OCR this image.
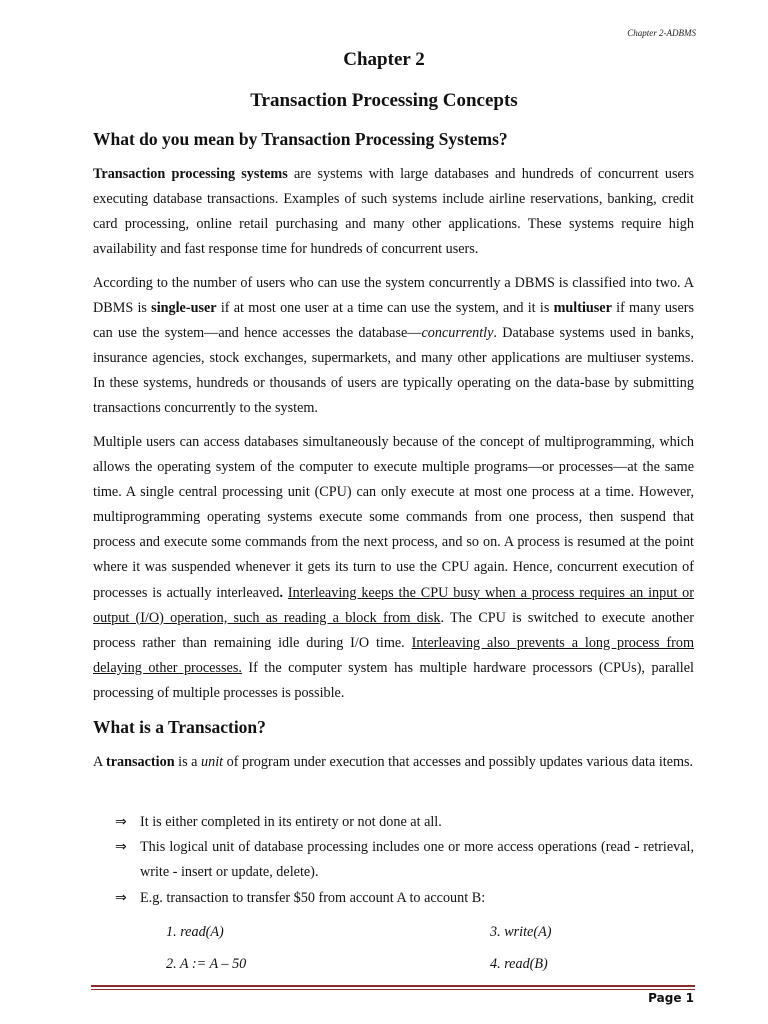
Chapter 2-ADBMS
Chapter 2
Transaction Processing Concepts
What do you mean by Transaction Processing Systems?
Transaction processing systems are systems with large databases and hundreds of concurrent users executing database transactions. Examples of such systems include airline reservations, banking, credit card processing, online retail purchasing and many other applications. These systems require high availability and fast response time for hundreds of concurrent users.
According to the number of users who can use the system concurrently a DBMS is classified into two. A DBMS is single-user if at most one user at a time can use the system, and it is multiuser if many users can use the system—and hence accesses the database—concurrently. Database systems used in banks, insurance agencies, stock exchanges, supermarkets, and many other applications are multiuser systems. In these systems, hundreds or thousands of users are typically operating on the data-base by submitting transactions concurrently to the system.
Multiple users can access databases simultaneously because of the concept of multiprogramming, which allows the operating system of the computer to execute multiple programs—or processes—at the same time. A single central processing unit (CPU) can only execute at most one process at a time. However, multiprogramming operating systems execute some commands from one process, then suspend that process and execute some commands from the next process, and so on. A process is resumed at the point where it was suspended whenever it gets its turn to use the CPU again. Hence, concurrent execution of processes is actually interleaved. Interleaving keeps the CPU busy when a process requires an input or output (I/O) operation, such as reading a block from disk. The CPU is switched to execute another process rather than remaining idle during I/O time. Interleaving also prevents a long process from delaying other processes. If the computer system has multiple hardware processors (CPUs), parallel processing of multiple processes is possible.
What is a Transaction?
A transaction is a unit of program under execution that accesses and possibly updates various data items.
⇒ It is either completed in its entirety or not done at all.
⇒ This logical unit of database processing includes one or more access operations (read - retrieval, write - insert or update, delete).
⇒ E.g. transaction to transfer $50 from account A to account B:
1. read(A)
2. A := A – 50
3. write(A)
4. read(B)
Page 1
